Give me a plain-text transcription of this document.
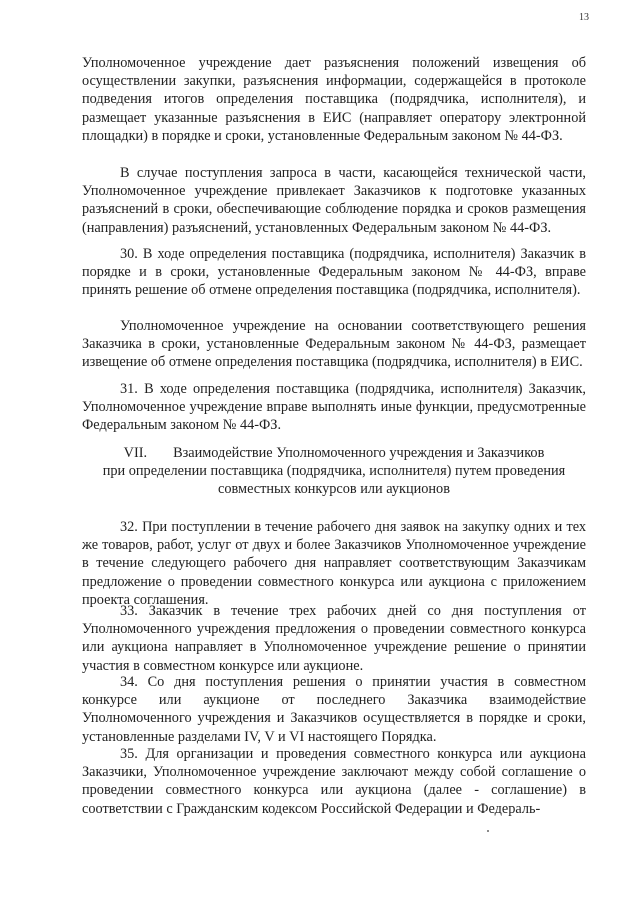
13

Уполномоченное учреждение дает разъяснения положений извещения об осуществлении закупки, разъяснения информации, содержащейся в протоколе подведения итогов определения поставщика (подрядчика, исполнителя), и размещает указанные разъяснения в ЕИС (направляет оператору электронной площадки) в порядке и сроки, установленные Федеральным законом № 44-ФЗ.

В случае поступления запроса в части, касающейся технической части, Уполномоченное учреждение привлекает Заказчиков к подготовке указанных разъяснений в сроки, обеспечивающие соблюдение порядка и сроков размещения (направления) разъяснений, установленных Федеральным законом № 44-ФЗ.

30. В ходе определения поставщика (подрядчика, исполнителя) Заказчик в порядке и в сроки, установленные Федеральным законом № 44-ФЗ, вправе принять решение об отмене определения поставщика (подрядчика, исполнителя).

Уполномоченное учреждение на основании соответствующего решения Заказчика в сроки, установленные Федеральным законом № 44-ФЗ, размещает извещение об отмене определения поставщика (подрядчика, исполнителя) в ЕИС.

31. В ходе определения поставщика (подрядчика, исполнителя) Заказчик, Уполномоченное учреждение вправе выполнять иные функции, предусмотренные Федеральным законом № 44-ФЗ.

VII. Взаимодействие Уполномоченного учреждения и Заказчиков
при определении поставщика (подрядчика, исполнителя) путем проведения
совместных конкурсов или аукционов

32. При поступлении в течение рабочего дня заявок на закупку одних и тех же товаров, работ, услуг от двух и более Заказчиков Уполномоченное учреждение в течение следующего рабочего дня направляет соответствующим Заказчикам предложение о проведении совместного конкурса или аукциона с приложением проекта соглашения.

33. Заказчик в течение трех рабочих дней со дня поступления от Уполномоченного учреждения предложения о проведении совместного конкурса или аукциона направляет в Уполномоченное учреждение решение о принятии участия в совместном конкурсе или аукционе.

34. Со дня поступления решения о принятии участия в совместном конкурсе или аукционе от последнего Заказчика взаимодействие Уполномоченного учреждения и Заказчиков осуществляется в порядке и сроки, установленные разделами IV, V и VI настоящего Порядка.

35. Для организации и проведения совместного конкурса или аукциона Заказчики, Уполномоченное учреждение заключают между собой соглашение о проведении совместного конкурса или аукциона (далее - соглашение) в соответствии с Гражданским кодексом Российской Федерации и Федераль-
